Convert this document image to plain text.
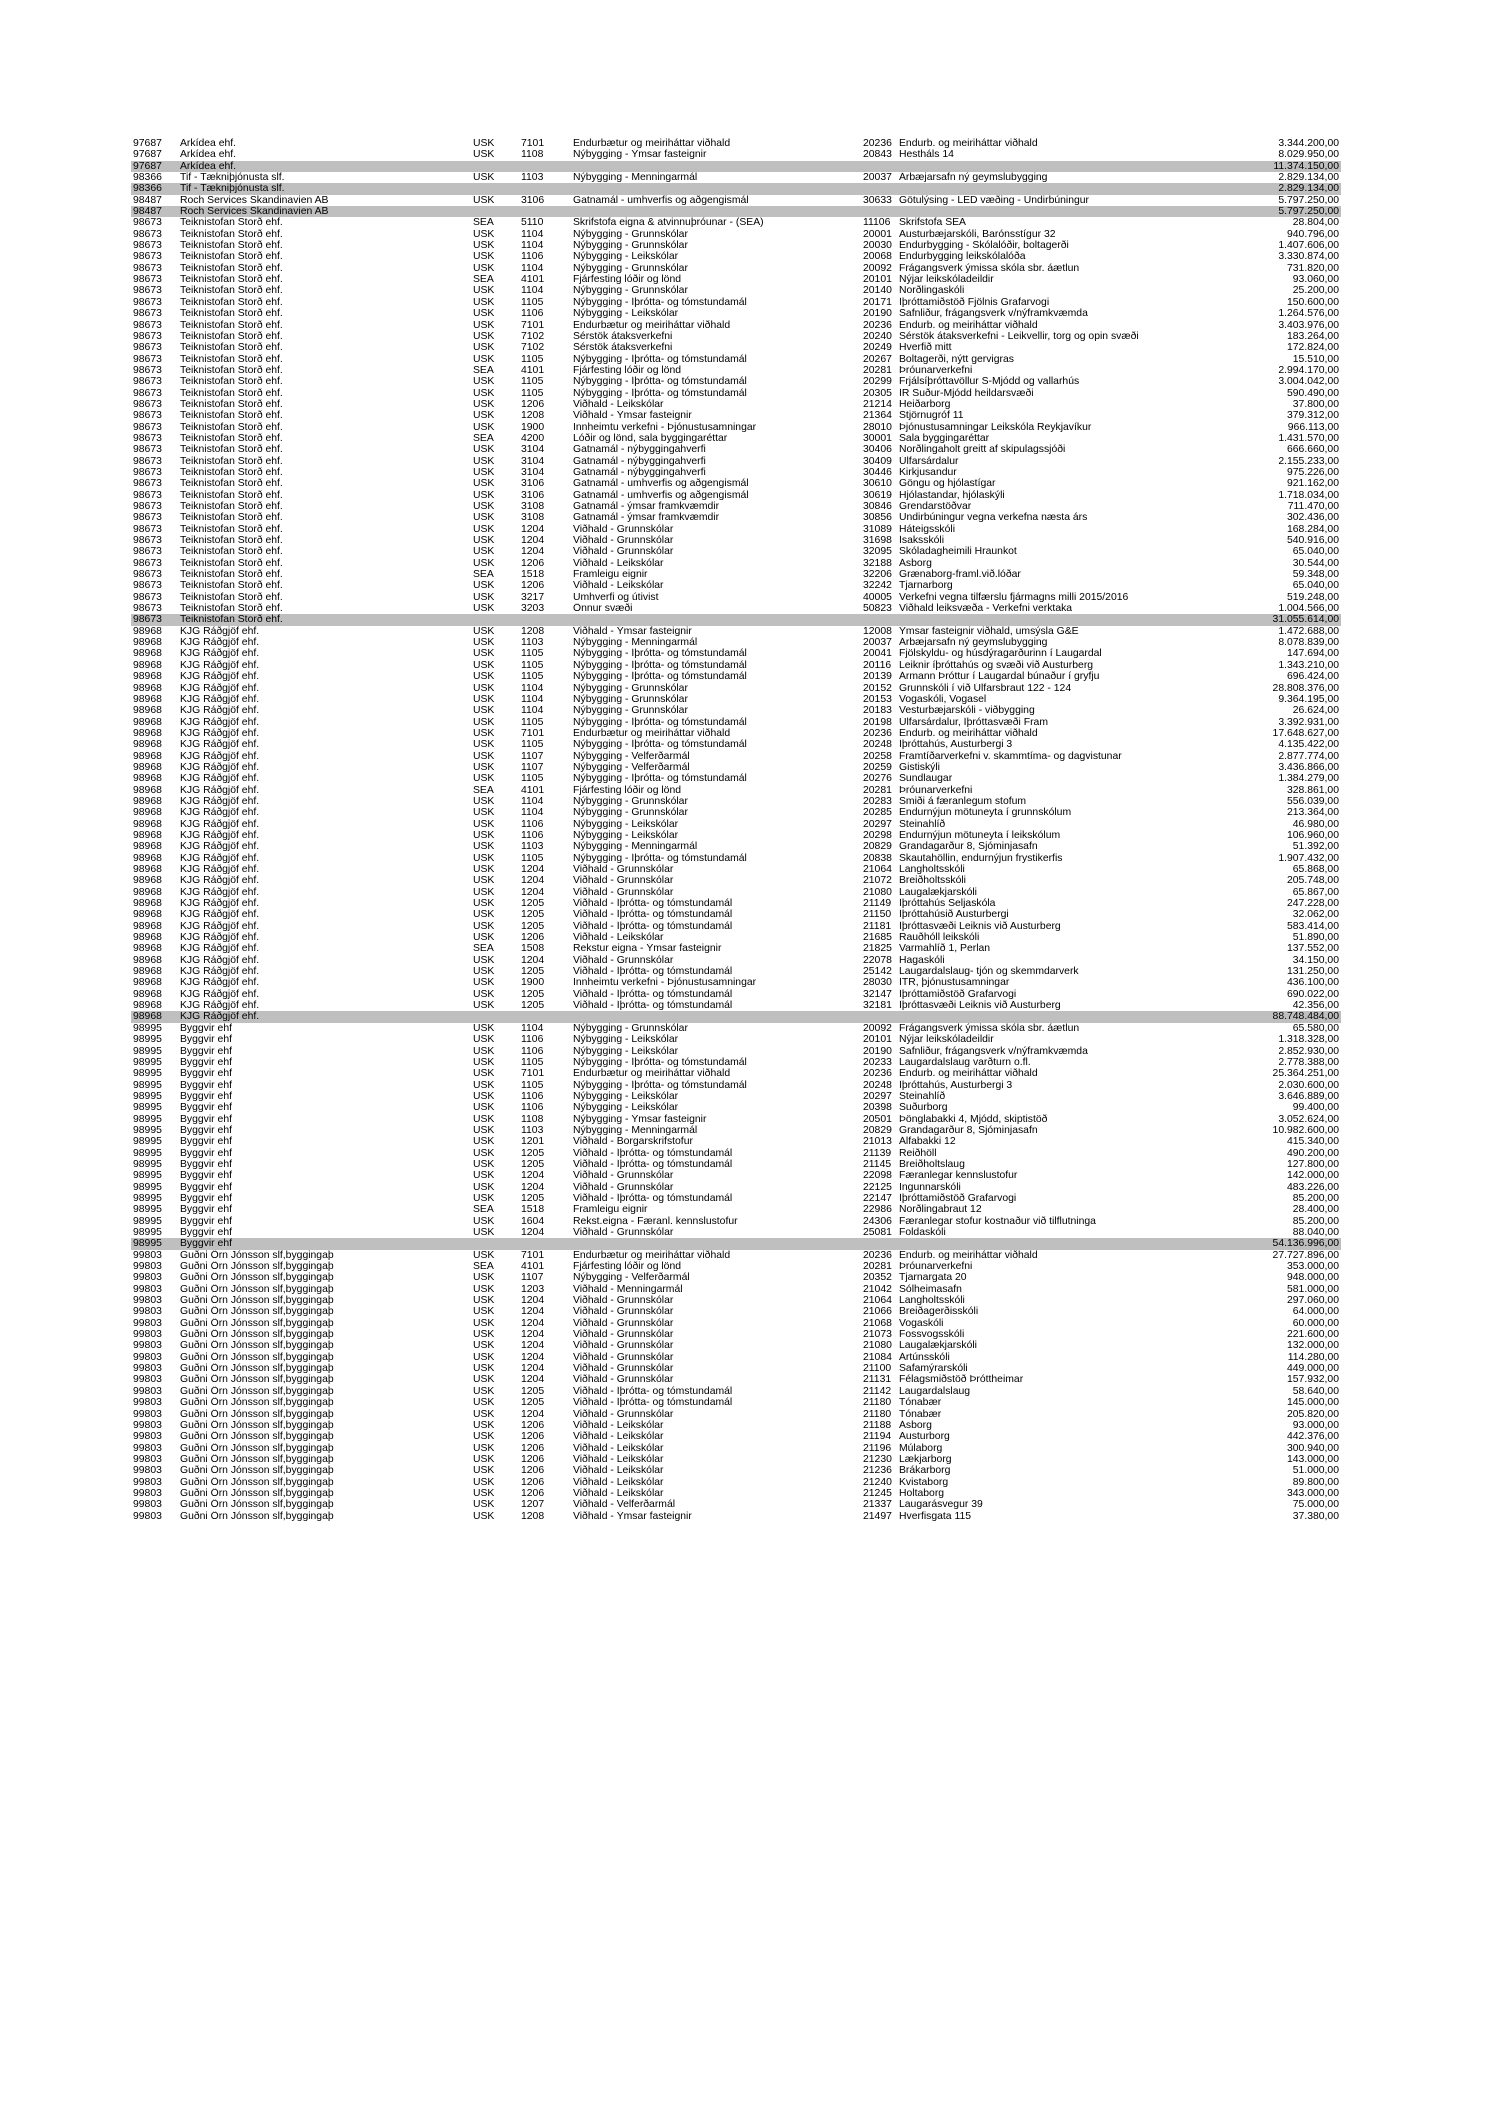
97687	Arkídea ehf.	USK	7101	Endurbætur og meiriháttar viðhald	20236	Endurb. og meiriháttar viðhald	3.344.200,00
97687	Arkídea ehf.	USK	1108	Nýbygging - Ýmsar fasteignir	20843	Hestháls 14	8.029.950,00
97687	Arkídea ehf.						11.374.150,00
98366	Tif - Tækniþjónusta slf.	USK	1103	Nýbygging - Menningarmál	20037	Árbæjarsafn ný geymslubygging	2.829.134,00
98366	Tif - Tækniþjónusta slf.						2.829.134,00
98487	Roch Services Skandinavien AB	USK	3106	Gatnamál - umhverfis og aðgengismál	30633	Götulýsing - LED væðing - Undirbúningur	5.797.250,00
98487	Roch Services Skandinavien AB						5.797.250,00
98673	Teiknistofan Storð ehf.	SEA	5110	Skrifstofa eigna & atvinnuþróunar - (SEA)	11106	Skrifstofa SEA	28.804,00
98673	Teiknistofan Storð ehf.	USK	1104	Nýbygging - Grunnskólar	20001	Austurbæjarskóli, Barónsstígur 32	940.796,00
98673	Teiknistofan Storð ehf.	USK	1104	Nýbygging - Grunnskólar	20030	Endurbygging - Skólalóðir, boltagerði	1.407.606,00
98673	Teiknistofan Storð ehf.	USK	1106	Nýbygging - Leikskólar	20068	Endurbygging leikskólalóða	3.330.874,00
98673	Teiknistofan Storð ehf.	USK	1104	Nýbygging - Grunnskólar	20092	Frágangsverk ýmissa skóla sbr. áætlun	731.820,00
98673	Teiknistofan Storð ehf.	SEA	4101	Fjárfesting lóðir og lönd	20101	Nýjar leikskóladeildir	93.060,00
98673	Teiknistofan Storð ehf.	USK	1104	Nýbygging - Grunnskólar	20140	Norðlingaskóli	25.200,00
98673	Teiknistofan Storð ehf.	USK	1105	Nýbygging - Íþrótta- og tómstundamál	20171	Íþróttamiðstöð Fjölnis Grafarvogi	150.600,00
98673	Teiknistofan Storð ehf.	USK	1106	Nýbygging - Leikskólar	20190	Safnliður, frágangsverk v/nýframkvæmda	1.264.576,00
98673	Teiknistofan Storð ehf.	USK	7101	Endurbætur og meiriháttar viðhald	20236	Endurb. og meiriháttar viðhald	3.403.976,00
98673	Teiknistofan Storð ehf.	USK	7102	Sérstök átaksverkefni	20240	Sérstök átaksverkefni - Leikvellir, torg og opin svæði	183.264,00
98673	Teiknistofan Storð ehf.	USK	7102	Sérstök átaksverkefni	20249	Hverfið mitt	172.824,00
98673	Teiknistofan Storð ehf.	USK	1105	Nýbygging - Íþrótta- og tómstundamál	20267	Boltagerði, nýtt gervigras	15.510,00
98673	Teiknistofan Storð ehf.	SEA	4101	Fjárfesting lóðir og lönd	20281	Þróunarverkefni	2.994.170,00
98673	Teiknistofan Storð ehf.	USK	1105	Nýbygging - Íþrótta- og tómstundamál	20299	Frjálsíþróttavöllur S-Mjódd og vallarhús	3.004.042,00
98673	Teiknistofan Storð ehf.	USK	1105	Nýbygging - Íþrótta- og tómstundamál	20305	ÍR Suður-Mjódd heildarsvæði	590.490,00
98673	Teiknistofan Storð ehf.	USK	1206	Viðhald - Leikskólar	21214	Heiðarborg	37.800,00
98673	Teiknistofan Storð ehf.	USK	1208	Viðhald - Ýmsar fasteignir	21364	Stjörnugróf 11	379.312,00
98673	Teiknistofan Storð ehf.	USK	1900	Innheimtu verkefni - Þjónustusamningar	28010	Þjónustusamningar Leikskóla Reykjavíkur	966.113,00
98673	Teiknistofan Storð ehf.	SEA	4200	Lóðir og lönd, sala byggingaréttar	30001	Sala byggingaréttar	1.431.570,00
98673	Teiknistofan Storð ehf.	USK	3104	Gatnamál - nýbyggingahverfi	30406	Norðlingaholt greitt af skipulagssjóði	666.660,00
98673	Teiknistofan Storð ehf.	USK	3104	Gatnamál - nýbyggingahverfi	30409	Úlfarsárdalur	2.155.233,00
98673	Teiknistofan Storð ehf.	USK	3104	Gatnamál - nýbyggingahverfi	30446	Kirkjusandur	975.226,00
98673	Teiknistofan Storð ehf.	USK	3106	Gatnamál - umhverfis og aðgengismál	30610	Göngu og hjólastígar	921.162,00
98673	Teiknistofan Storð ehf.	USK	3106	Gatnamál - umhverfis og aðgengismál	30619	Hjólastandar, hjólaskýli	1.718.034,00
98673	Teiknistofan Storð ehf.	USK	3108	Gatnamál - ýmsar framkvæmdir	30846	Grendarstöðvar	711.470,00
98673	Teiknistofan Storð ehf.	USK	3108	Gatnamál - ýmsar framkvæmdir	30856	Undirbúningur vegna verkefna næsta árs	302.436,00
98673	Teiknistofan Storð ehf.	USK	1204	Viðhald - Grunnskólar	31089	Háteigsskóli	168.284,00
98673	Teiknistofan Storð ehf.	USK	1204	Viðhald - Grunnskólar	31698	Ísaksskóli	540.916,00
98673	Teiknistofan Storð ehf.	USK	1204	Viðhald - Grunnskólar	32095	Skóladagheimili Hraunkot	65.040,00
98673	Teiknistofan Storð ehf.	USK	1206	Viðhald - Leikskólar	32188	Ásborg	30.544,00
98673	Teiknistofan Storð ehf.	SEA	1518	Framleigu eignir	32206	Grænaborg-framl.við.lóðar	59.348,00
98673	Teiknistofan Storð ehf.	USK	1206	Viðhald - Leikskólar	32242	Tjarnarborg	65.040,00
98673	Teiknistofan Storð ehf.	USK	3217	Umhverfi og útivist	40005	Verkefni vegna tilfærslu fjármagns milli 2015/2016	519.248,00
98673	Teiknistofan Storð ehf.	USK	3203	Önnur svæði	50823	Viðhald leiksvæða - Verkefni verktaka	1.004.566,00
98673	Teiknistofan Storð ehf.						31.055.614,00
98968	KJG Ráðgjöf ehf.	USK	1208	Viðhald - Ýmsar fasteignir	12008	Ýmsar fasteignir viðhald, umsýsla G&E	1.472.688,00
98968	KJG Ráðgjöf ehf.	USK	1103	Nýbygging - Menningarmál	20037	Árbæjarsafn ný geymslubygging	8.078.839,00
98968	KJG Ráðgjöf ehf.	USK	1105	Nýbygging - Íþrótta- og tómstundamál	20041	Fjölskyldu- og húsdýragarðurinn í Laugardal	147.694,00
98968	KJG Ráðgjöf ehf.	USK	1105	Nýbygging - Íþrótta- og tómstundamál	20116	Leiknir íþróttahús og svæði við Austurberg	1.343.210,00
98968	KJG Ráðgjöf ehf.	USK	1105	Nýbygging - Íþrótta- og tómstundamál	20139	Ármann Þróttur í Laugardal búnaður í gryfju	696.424,00
98968	KJG Ráðgjöf ehf.	USK	1104	Nýbygging - Grunnskólar	20152	Grunnskóli í við Úlfarsbraut 122 - 124	28.808.376,00
98968	KJG Ráðgjöf ehf.	USK	1104	Nýbygging - Grunnskólar	20153	Vogaskóli, Vogasel	9.364.195,00
98968	KJG Ráðgjöf ehf.	USK	1104	Nýbygging - Grunnskólar	20183	Vesturbæjarskóli - viðbygging	26.624,00
98968	KJG Ráðgjöf ehf.	USK	1105	Nýbygging - Íþrótta- og tómstundamál	20198	Úlfarsárdalur, Íþróttasvæði Fram	3.392.931,00
98968	KJG Ráðgjöf ehf.	USK	7101	Endurbætur og meiriháttar viðhald	20236	Endurb. og meiriháttar viðhald	17.648.627,00
98968	KJG Ráðgjöf ehf.	USK	1105	Nýbygging - Íþrótta- og tómstundamál	20248	Íþróttahús, Austurbergi 3	4.135.422,00
98968	KJG Ráðgjöf ehf.	USK	1107	Nýbygging - Velferðarmál	20258	Framtíðarverkefni v. skammtíma- og dagvistunar	2.877.774,00
98968	KJG Ráðgjöf ehf.	USK	1107	Nýbygging - Velferðarmál	20259	Gistiskýli	3.436.866,00
98968	KJG Ráðgjöf ehf.	USK	1105	Nýbygging - Íþrótta- og tómstundamál	20276	Sundlaugar	1.384.279,00
98968	KJG Ráðgjöf ehf.	SEA	4101	Fjárfesting lóðir og lönd	20281	Þróunarverkefni	328.861,00
98968	KJG Ráðgjöf ehf.	USK	1104	Nýbygging - Grunnskólar	20283	Smiði á færanlegum stofum	556.039,00
98968	KJG Ráðgjöf ehf.	USK	1104	Nýbygging - Grunnskólar	20285	Endurnýjun mötuneyta í grunnskólum	213.364,00
98968	KJG Ráðgjöf ehf.	USK	1106	Nýbygging - Leikskólar	20297	Steinahlíð	46.980,00
98968	KJG Ráðgjöf ehf.	USK	1106	Nýbygging - Leikskólar	20298	Endurnýjun mötuneyta í leikskólum	106.960,00
98968	KJG Ráðgjöf ehf.	USK	1103	Nýbygging - Menningarmál	20829	Grandagarður 8, Sjóminjasafn	51.392,00
98968	KJG Ráðgjöf ehf.	USK	1105	Nýbygging - Íþrótta- og tómstundamál	20838	Skautahöllin, endurnýjun frystikerfis	1.907.432,00
98968	KJG Ráðgjöf ehf.	USK	1204	Viðhald - Grunnskólar	21064	Langholtsskóli	65.868,00
98968	KJG Ráðgjöf ehf.	USK	1204	Viðhald - Grunnskólar	21072	Breiðholtsskóli	205.748,00
98968	KJG Ráðgjöf ehf.	USK	1204	Viðhald - Grunnskólar	21080	Laugalækjarskóli	65.867,00
98968	KJG Ráðgjöf ehf.	USK	1205	Viðhald - Íþrótta- og tómstundamál	21149	Íþróttahús Seljaskóla	247.228,00
98968	KJG Ráðgjöf ehf.	USK	1205	Viðhald - Íþrótta- og tómstundamál	21150	Íþróttahúsið Austurbergi	32.062,00
98968	KJG Ráðgjöf ehf.	USK	1205	Viðhald - Íþrótta- og tómstundamál	21181	Íþróttasvæði Leiknis við Austurberg	583.414,00
98968	KJG Ráðgjöf ehf.	USK	1206	Viðhald - Leikskólar	21685	Rauðhóll leikskóli	51.890,00
98968	KJG Ráðgjöf ehf.	SEA	1508	Rekstur eigna - Ýmsar fasteignir	21825	Varmahlíð 1, Perlan	137.552,00
98968	KJG Ráðgjöf ehf.	USK	1204	Viðhald - Grunnskólar	22078	Hagaskóli	34.150,00
98968	KJG Ráðgjöf ehf.	USK	1205	Viðhald - Íþrótta- og tómstundamál	25142	Laugardalslaug- tjón og skemmdarverk	131.250,00
98968	KJG Ráðgjöf ehf.	USK	1900	Innheimtu verkefni - Þjónustusamningar	28030	ÍTR, þjónustusamningar	436.100,00
98968	KJG Ráðgjöf ehf.	USK	1205	Viðhald - Íþrótta- og tómstundamál	32147	Íþróttamiðstöð Grafarvogi	690.022,00
98968	KJG Ráðgjöf ehf.	USK	1205	Viðhald - Íþrótta- og tómstundamál	32181	Íþróttasvæði Leiknis við Austurberg	42.356,00
98968	KJG Ráðgjöf ehf.						88.748.484,00
98995	Byggvir ehf	USK	1104	Nýbygging - Grunnskólar	20092	Frágangsverk ýmissa skóla sbr. áætlun	65.580,00
98995	Byggvir ehf	USK	1106	Nýbygging - Leikskólar	20101	Nýjar leikskóladeildir	1.318.328,00
98995	Byggvir ehf	USK	1106	Nýbygging - Leikskólar	20190	Safnliður, frágangsverk v/nýframkvæmda	2.852.930,00
98995	Byggvir ehf	USK	1105	Nýbygging - Íþrótta- og tómstundamál	20233	Laugardalslaug varðturn o.fl.	2.778.388,00
98995	Byggvir ehf	USK	7101	Endurbætur og meiriháttar viðhald	20236	Endurb. og meiriháttar viðhald	25.364.251,00
98995	Byggvir ehf	USK	1105	Nýbygging - Íþrótta- og tómstundamál	20248	Íþróttahús, Austurbergi 3	2.030.600,00
98995	Byggvir ehf	USK	1106	Nýbygging - Leikskólar	20297	Steinahlíð	3.646.889,00
98995	Byggvir ehf	USK	1106	Nýbygging - Leikskólar	20398	Suðurborg	99.400,00
98995	Byggvir ehf	USK	1108	Nýbygging - Ýmsar fasteignir	20501	Þönglabakki 4, Mjódd, skiptistöð	3.052.624,00
98995	Byggvir ehf	USK	1103	Nýbygging - Menningarmál	20829	Grandagarður 8, Sjóminjasafn	10.982.600,00
98995	Byggvir ehf	USK	1201	Viðhald - Borgarskrifstofur	21013	Álfabakki 12	415.340,00
98995	Byggvir ehf	USK	1205	Viðhald - Íþrótta- og tómstundamál	21139	Reiðhöll	490.200,00
98995	Byggvir ehf	USK	1205	Viðhald - Íþrótta- og tómstundamál	21145	Breiðholtslaug	127.800,00
98995	Byggvir ehf	USK	1204	Viðhald - Grunnskólar	22098	Færanlegar kennslustofur	142.000,00
98995	Byggvir ehf	USK	1204	Viðhald - Grunnskólar	22125	Ingunnarskóli	483.226,00
98995	Byggvir ehf	USK	1205	Viðhald - Íþrótta- og tómstundamál	22147	Íþróttamiðstöð Grafarvogi	85.200,00
98995	Byggvir ehf	SEA	1518	Framleigu eignir	22986	Norðlingabraut 12	28.400,00
98995	Byggvir ehf	USK	1604	Rekst.eigna - Færanl. kennslustofur	24306	Færanlegar stofur kostnaður við tilflutninga	85.200,00
98995	Byggvir ehf	USK	1204	Viðhald - Grunnskólar	25081	Foldaskóli	88.040,00
98995	Byggvir ehf						54.136.996,00
99803	Guðni Örn Jónsson slf,byggingaþ	USK	7101	Endurbætur og meiriháttar viðhald	20236	Endurb. og meiriháttar viðhald	27.727.896,00
99803	Guðni Örn Jónsson slf,byggingaþ	SEA	4101	Fjárfesting lóðir og lönd	20281	Þróunarverkefni	353.000,00
99803	Guðni Örn Jónsson slf,byggingaþ	USK	1107	Nýbygging - Velferðarmál	20352	Tjarnargata 20	948.000,00
99803	Guðni Örn Jónsson slf,byggingaþ	USK	1203	Viðhald - Menningarmál	21042	Sólheimasafn	581.000,00
99803	Guðni Örn Jónsson slf,byggingaþ	USK	1204	Viðhald - Grunnskólar	21064	Langholtsskóli	297.060,00
99803	Guðni Örn Jónsson slf,byggingaþ	USK	1204	Viðhald - Grunnskólar	21066	Breiðagerðisskóli	64.000,00
99803	Guðni Örn Jónsson slf,byggingaþ	USK	1204	Viðhald - Grunnskólar	21068	Vogaskóli	60.000,00
99803	Guðni Örn Jónsson slf,byggingaþ	USK	1204	Viðhald - Grunnskólar	21073	Fossvogsskóli	221.600,00
99803	Guðni Örn Jónsson slf,byggingaþ	USK	1204	Viðhald - Grunnskólar	21080	Laugalækjarskóli	132.000,00
99803	Guðni Örn Jónsson slf,byggingaþ	USK	1204	Viðhald - Grunnskólar	21084	Ártúnsskóli	114.280,00
99803	Guðni Örn Jónsson slf,byggingaþ	USK	1204	Viðhald - Grunnskólar	21100	Safamýrarskóli	449.000,00
99803	Guðni Örn Jónsson slf,byggingaþ	USK	1204	Viðhald - Grunnskólar	21131	Félagsmiðstöð Þróttheimar	157.932,00
99803	Guðni Örn Jónsson slf,byggingaþ	USK	1205	Viðhald - Íþrótta- og tómstundamál	21142	Laugardalslaug	58.640,00
99803	Guðni Örn Jónsson slf,byggingaþ	USK	1205	Viðhald - Íþrótta- og tómstundamál	21180	Tónabær	145.000,00
99803	Guðni Örn Jónsson slf,byggingaþ	USK	1204	Viðhald - Grunnskólar	21180	Tónabær	205.820,00
99803	Guðni Örn Jónsson slf,byggingaþ	USK	1206	Viðhald - Leikskólar	21188	Ásborg	93.000,00
99803	Guðni Örn Jónsson slf,byggingaþ	USK	1206	Viðhald - Leikskólar	21194	Austurborg	442.376,00
99803	Guðni Örn Jónsson slf,byggingaþ	USK	1206	Viðhald - Leikskólar	21196	Múlaborg	300.940,00
99803	Guðni Örn Jónsson slf,byggingaþ	USK	1206	Viðhald - Leikskólar	21230	Lækjarborg	143.000,00
99803	Guðni Örn Jónsson slf,byggingaþ	USK	1206	Viðhald - Leikskólar	21236	Brákarborg	51.000,00
99803	Guðni Örn Jónsson slf,byggingaþ	USK	1206	Viðhald - Leikskólar	21240	Kvistaborg	89.800,00
99803	Guðni Örn Jónsson slf,byggingaþ	USK	1206	Viðhald - Leikskólar	21245	Holtaborg	343.000,00
99803	Guðni Örn Jónsson slf,byggingaþ	USK	1207	Viðhald - Velferðarmál	21337	Laugarásvegur 39	75.000,00
99803	Guðni Örn Jónsson slf,byggingaþ	USK	1208	Viðhald - Ýmsar fasteignir	21497	Hverfisgata 115	37.380,00
